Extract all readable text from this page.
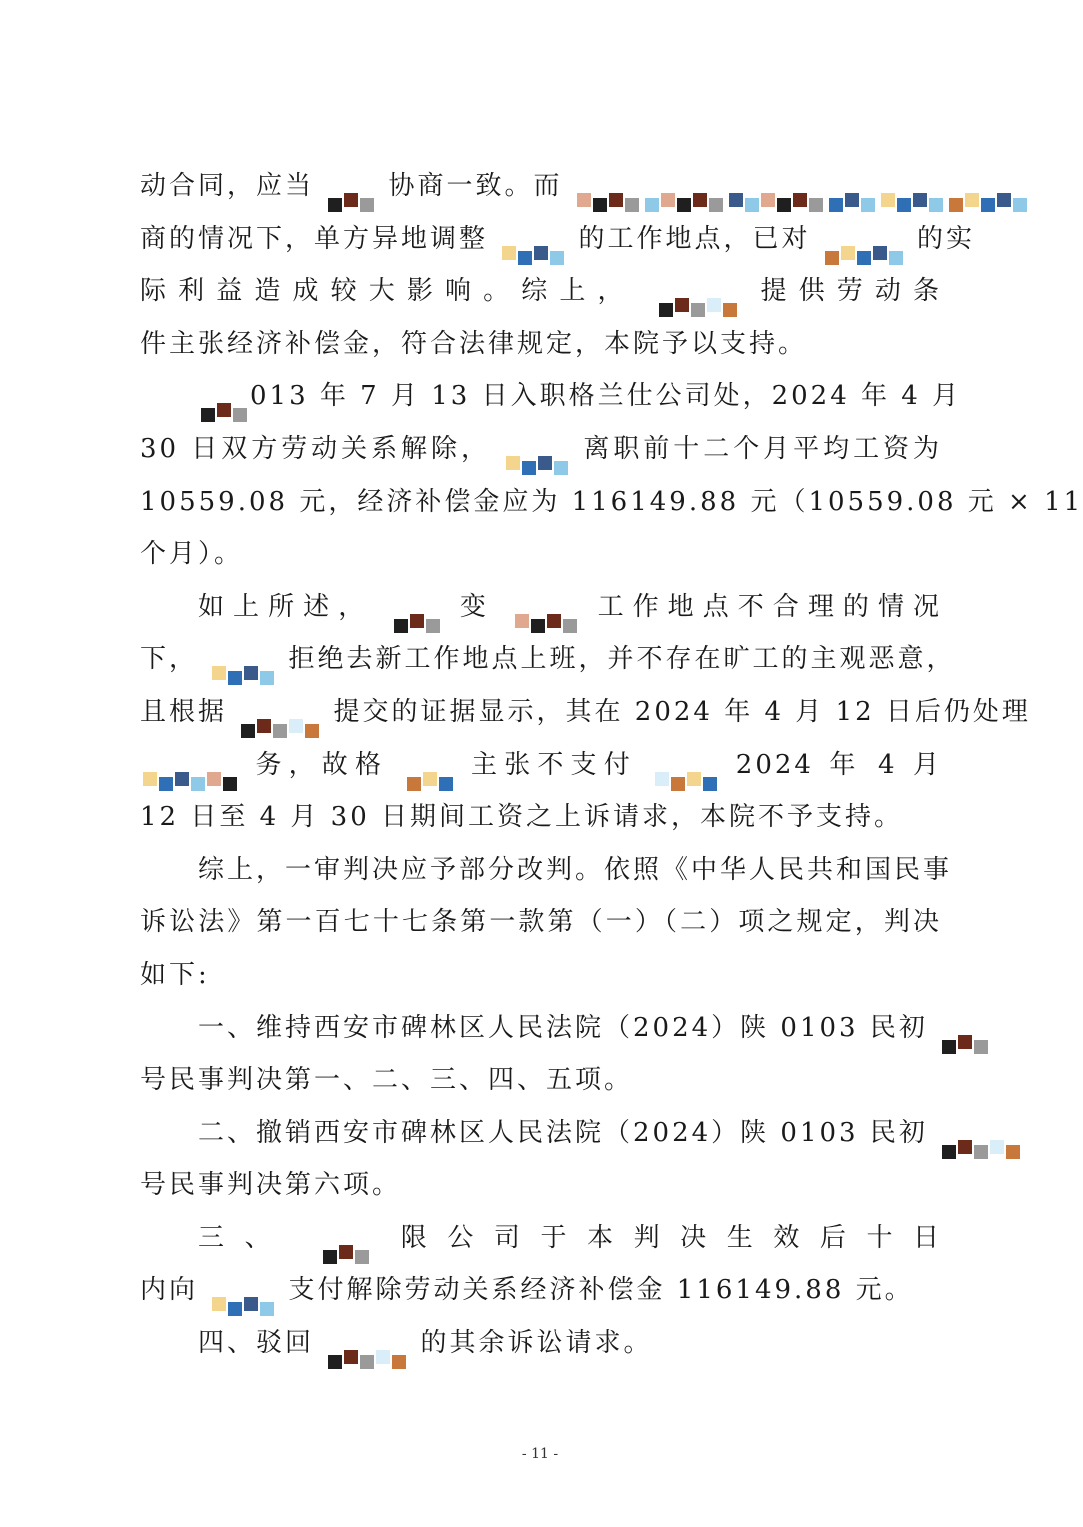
动合同，应当  协商一致。而
商的情况下，单方异地调整	的工作地点，已对	的实
际利益造成较大影响。综上，	提供劳动条
件主张经济补偿金，符合法律规定，本院予以支持。
013 年 7 月 13 日入职格兰仕公司处，2024 年 4 月
30 日双方劳动关系解除，	离职前十二个月平均工资为
10559.08 元，经济补偿金应为 116149.88 元（10559.08 元 × 11
个月）。
如上所述，  变	工作地点不合理的情况
下，	拒绝去新工作地点上班，并不存在旷工的主观恶意，
且根据	提交的证据显示，其在 2024 年 4 月 12 日后仍处理
务，故格  主张不支付	2024 年 4 月
12 日至 4 月 30 日期间工资之上诉请求，本院不予支持。
综上，一审判决应予部分改判。依照《中华人民共和国民事
诉讼法》第一百七十七条第一款第（一）（二）项之规定，判决
如下:
一、维持西安市碑林区人民法院（2024）陕 0103 民初
号民事判决第一、二、三、四、五项。
二、撤销西安市碑林区人民法院（2024）陕 0103 民初
号民事判决第六项。
三、  限公司于本判决生效后十日
内向	支付解除劳动关系经济补偿金 116149.88 元。
四、驳回	的其余诉讼请求。
- 11 -
